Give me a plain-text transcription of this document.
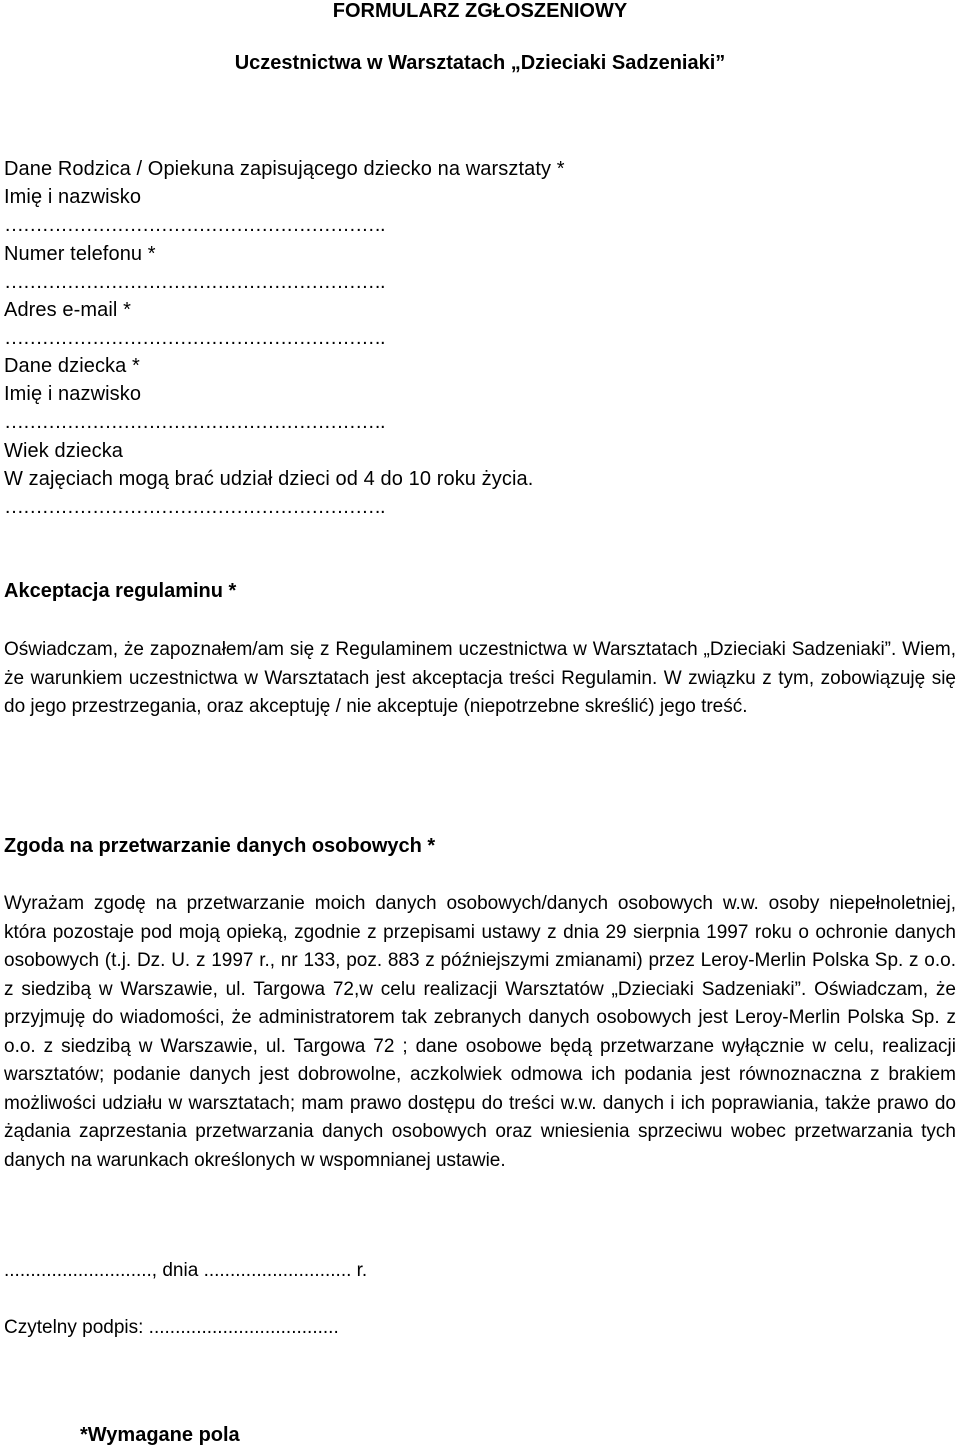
FORMULARZ ZGŁOSZENIOWY
Uczestnictwa w Warsztatach „Dzieciaki Sadzeniaki”
Dane Rodzica / Opiekuna zapisującego dziecko na warsztaty *
Imię i nazwisko
…………………………………………………….
Numer telefonu *
…………………………………………………….
Adres e-mail *
…………………………………………………….
Dane dziecka *
Imię i nazwisko
…………………………………………………….
Wiek dziecka
W zajęciach mogą brać udział dzieci od 4 do 10 roku życia.
…………………………………………………….
Akceptacja regulaminu *
Oświadczam, że zapoznałem/am się z Regulaminem uczestnictwa w Warsztatach „Dzieciaki Sadzeniaki”. Wiem, że warunkiem uczestnictwa w Warsztatach jest akceptacja treści Regulamin. W związku z tym, zobowiązuję się do jego przestrzegania, oraz akceptuję / nie akceptuje (niepotrzebne skreślić) jego treść.
Zgoda na przetwarzanie danych osobowych *
Wyrażam zgodę na przetwarzanie moich danych osobowych/danych osobowych w.w. osoby niepełnoletniej, która pozostaje pod moją opieką, zgodnie z przepisami ustawy z dnia 29 sierpnia 1997 roku o ochronie danych osobowych (t.j. Dz. U. z 1997 r., nr 133, poz. 883 z późniejszymi zmianami) przez Leroy-Merlin Polska Sp. z o.o. z siedzibą w Warszawie, ul. Targowa 72,w celu realizacji Warsztatów „Dzieciaki Sadzeniaki”. Oświadczam, że przyjmuję do wiadomości, że administratorem tak zebranych danych osobowych jest Leroy-Merlin Polska Sp. z o.o. z siedzibą w Warszawie, ul. Targowa 72 ; dane osobowe będą przetwarzane wyłącznie w celu, realizacji warsztatów; podanie danych jest dobrowolne, aczkolwiek odmowa ich podania jest równoznaczna z brakiem możliwości udziału w warsztatach; mam prawo dostępu do treści w.w. danych i ich poprawiania, także prawo do żądania zaprzestania przetwarzania danych osobowych oraz wniesienia sprzeciwu wobec przetwarzania tych danych na warunkach określonych w wspomnianej ustawie.
............................, dnia ............................ r.
Czytelny podpis: ....................................
*Wymagane pola
